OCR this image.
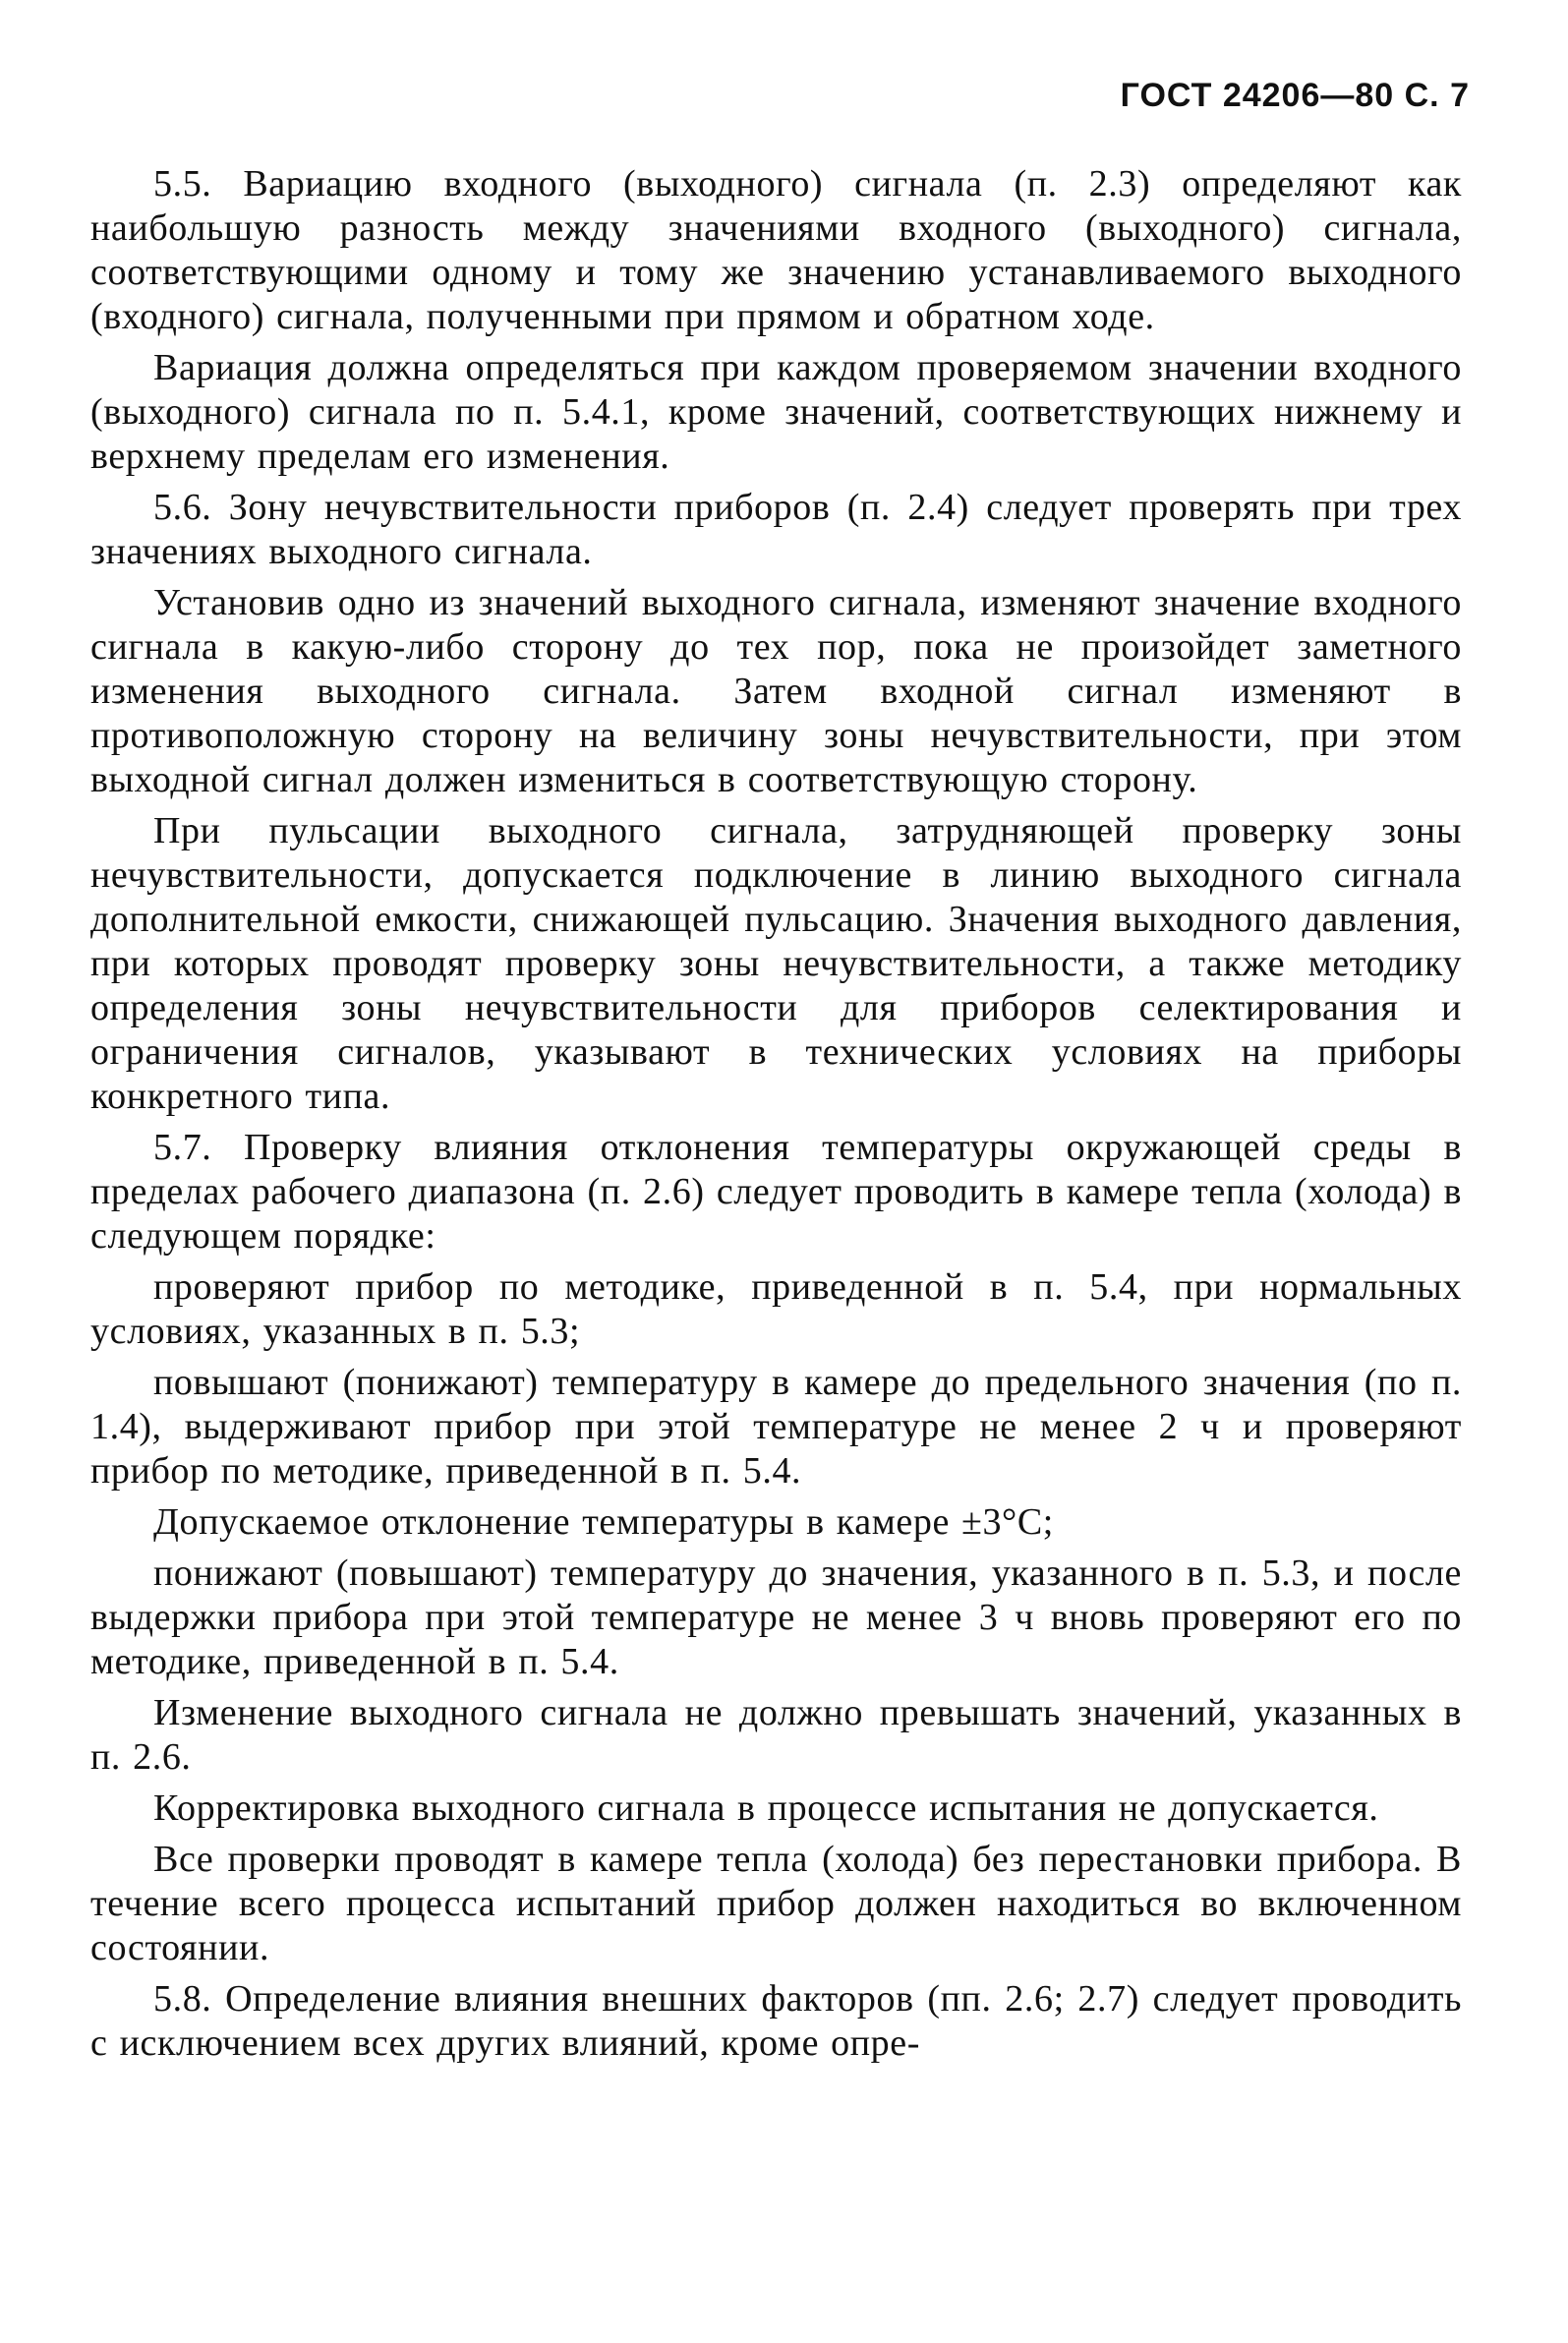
ГОСТ 24206—80 С. 7

5.5. Вариацию входного (выходного) сигнала (п. 2.3) определяют как наибольшую разность между значениями входного (выходного) сигнала, соответствующими одному и тому же значению устанавливаемого выходного (входного) сигнала, полученными при прямом и обратном ходе.

Вариация должна определяться при каждом проверяемом значении входного (выходного) сигнала по п. 5.4.1, кроме значений, соответствующих нижнему и верхнему пределам его изменения.

5.6. Зону нечувствительности приборов (п. 2.4) следует проверять при трех значениях выходного сигнала.

Установив одно из значений выходного сигнала, изменяют значение входного сигнала в какую-либо сторону до тех пор, пока не произойдет заметного изменения выходного сигнала. Затем входной сигнал изменяют в противоположную сторону на величину зоны нечувствительности, при этом выходной сигнал должен измениться в соответствующую сторону.

При пульсации выходного сигнала, затрудняющей проверку зоны нечувствительности, допускается подключение в линию выходного сигнала дополнительной емкости, снижающей пульсацию. Значения выходного давления, при которых проводят проверку зоны нечувствительности, а также методику определения зоны нечувствительности для приборов селектирования и ограничения сигналов, указывают в технических условиях на приборы конкретного типа.

5.7. Проверку влияния отклонения температуры окружающей среды в пределах рабочего диапазона (п. 2.6) следует проводить в камере тепла (холода) в следующем порядке:

проверяют прибор по методике, приведенной в п. 5.4, при нормальных условиях, указанных в п. 5.3;

повышают (понижают) температуру в камере до предельного значения (по п. 1.4), выдерживают прибор при этой температуре не менее 2 ч и проверяют прибор по методике, приведенной в п. 5.4.

Допускаемое отклонение температуры в камере ±3°С;

понижают (повышают) температуру до значения, указанного в п. 5.3, и после выдержки прибора при этой температуре не менее 3 ч вновь проверяют его по методике, приведенной в п. 5.4.

Изменение выходного сигнала не должно превышать значений, указанных в п. 2.6.

Корректировка выходного сигнала в процессе испытания не допускается.

Все проверки проводят в камере тепла (холода) без перестановки прибора. В течение всего процесса испытаний прибор должен находиться во включенном состоянии.

5.8. Определение влияния внешних факторов (пп. 2.6; 2.7) следует проводить с исключением всех других влияний, кроме опре-
